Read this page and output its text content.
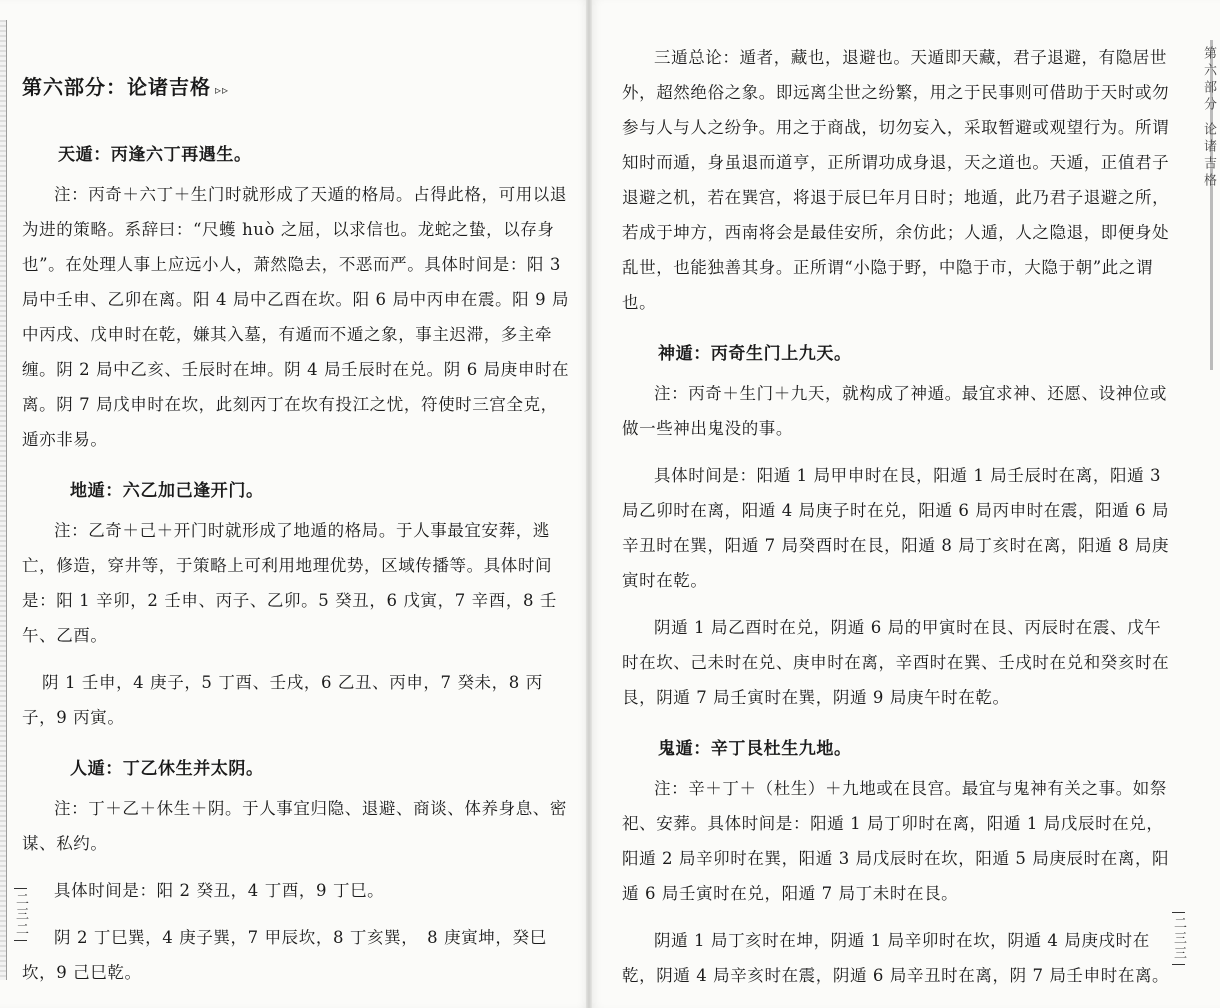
第六部分：论诸吉格 ▹▹

天遁：丙逢六丁再遇生。

注：丙奇＋六丁＋生门时就形成了天遁的格局。占得此格，可用以退为进的策略。系辞曰：“尺蠖 huò 之屈，以求信也。龙蛇之蛰，以存身也”。在处理人事上应远小人，萧然隐去，不恶而严。具体时间是：阳 3 局中壬申、乙卯在离。阳 4 局中乙酉在坎。阳 6 局中丙申在震。阳 9 局中丙戌、戊申时在乾，嫌其入墓，有遁而不遁之象，事主迟滞，多主牵缠。阴 2 局中乙亥、壬辰时在坤。阴 4 局壬辰时在兑。阴 6 局庚申时在离。阴 7 局戊申时在坎，此刻丙丁在坎有投江之忧，符使时三宫全克，遁亦非易。

地遁：六乙加己逢开门。

注：乙奇＋己＋开门时就形成了地遁的格局。于人事最宜安葬，逃亡，修造，穿井等，于策略上可利用地理优势，区域传播等。具体时间是：阳 1 辛卯，2 壬申、丙子、乙卯。5 癸丑，6 戊寅，7 辛酉，8 壬午、乙酉。

阴 1 壬申，4 庚子，5 丁酉、壬戌，6 乙丑、丙申，7 癸未，8 丙子，9 丙寅。

人遁：丁乙休生并太阴。

注：丁＋乙＋休生＋阴。于人事宜归隐、退避、商谈、体养身息、密谋、私约。

具体时间是：阳 2 癸丑，4 丁酉，9 丁巳。

阴 2 丁巳巽，4 庚子巽，7 甲辰坎，8 丁亥巽，　8 庚寅坤，癸巳坎，9 己巳乾。

二三二

三遁总论：遁者，藏也，退避也。天遁即天藏，君子退避，有隐居世外，超然绝俗之象。即远离尘世之纷繁，用之于民事则可借助于天时或勿参与人与人之纷争。用之于商战，切勿妄入，采取暂避或观望行为。所谓知时而遁，身虽退而道亨，正所谓功成身退，天之道也。天遁，正值君子退避之机，若在巽宫，将退于辰巳年月日时；地遁，此乃君子退避之所，若成于坤方，西南将会是最佳安所，余仿此；人遁，人之隐退，即便身处乱世，也能独善其身。正所谓“小隐于野，中隐于市，大隐于朝”此之谓也。

神遁：丙奇生门上九天。

注：丙奇＋生门＋九天，就构成了神遁。最宜求神、还愿、设神位或做一些神出鬼没的事。

具体时间是：阳遁 1 局甲申时在艮，阳遁 1 局壬辰时在离，阳遁 3 局乙卯时在离，阳遁 4 局庚子时在兑，阳遁 6 局丙申时在震，阳遁 6 局辛丑时在巽，阳遁 7 局癸酉时在艮，阳遁 8 局丁亥时在离，阳遁 8 局庚寅时在乾。

阴遁 1 局乙酉时在兑，阴遁 6 局的甲寅时在艮、丙辰时在震、戊午时在坎、己未时在兑、庚申时在离，辛酉时在巽、壬戌时在兑和癸亥时在艮，阴遁 7 局壬寅时在巽，阴遁 9 局庚午时在乾。

鬼遁：辛丁艮杜生九地。

注：辛＋丁＋（杜生）＋九地或在艮宫。最宜与鬼神有关之事。如祭祀、安葬。具体时间是：阳遁 1 局丁卯时在离，阳遁 1 局戊辰时在兑，阳遁 2 局辛卯时在巽，阳遁 3 局戊辰时在坎，阳遁 5 局庚辰时在离，阳遁 6 局壬寅时在兑，阳遁 7 局丁未时在艮。

阴遁 1 局丁亥时在坤，阴遁 1 局辛卯时在坎，阴遁 4 局庚戌时在乾，阴遁 4 局辛亥时在震，阴遁 6 局辛丑时在离，阴 7 局壬申时在离。

二三三
第六部分 论诸吉格
